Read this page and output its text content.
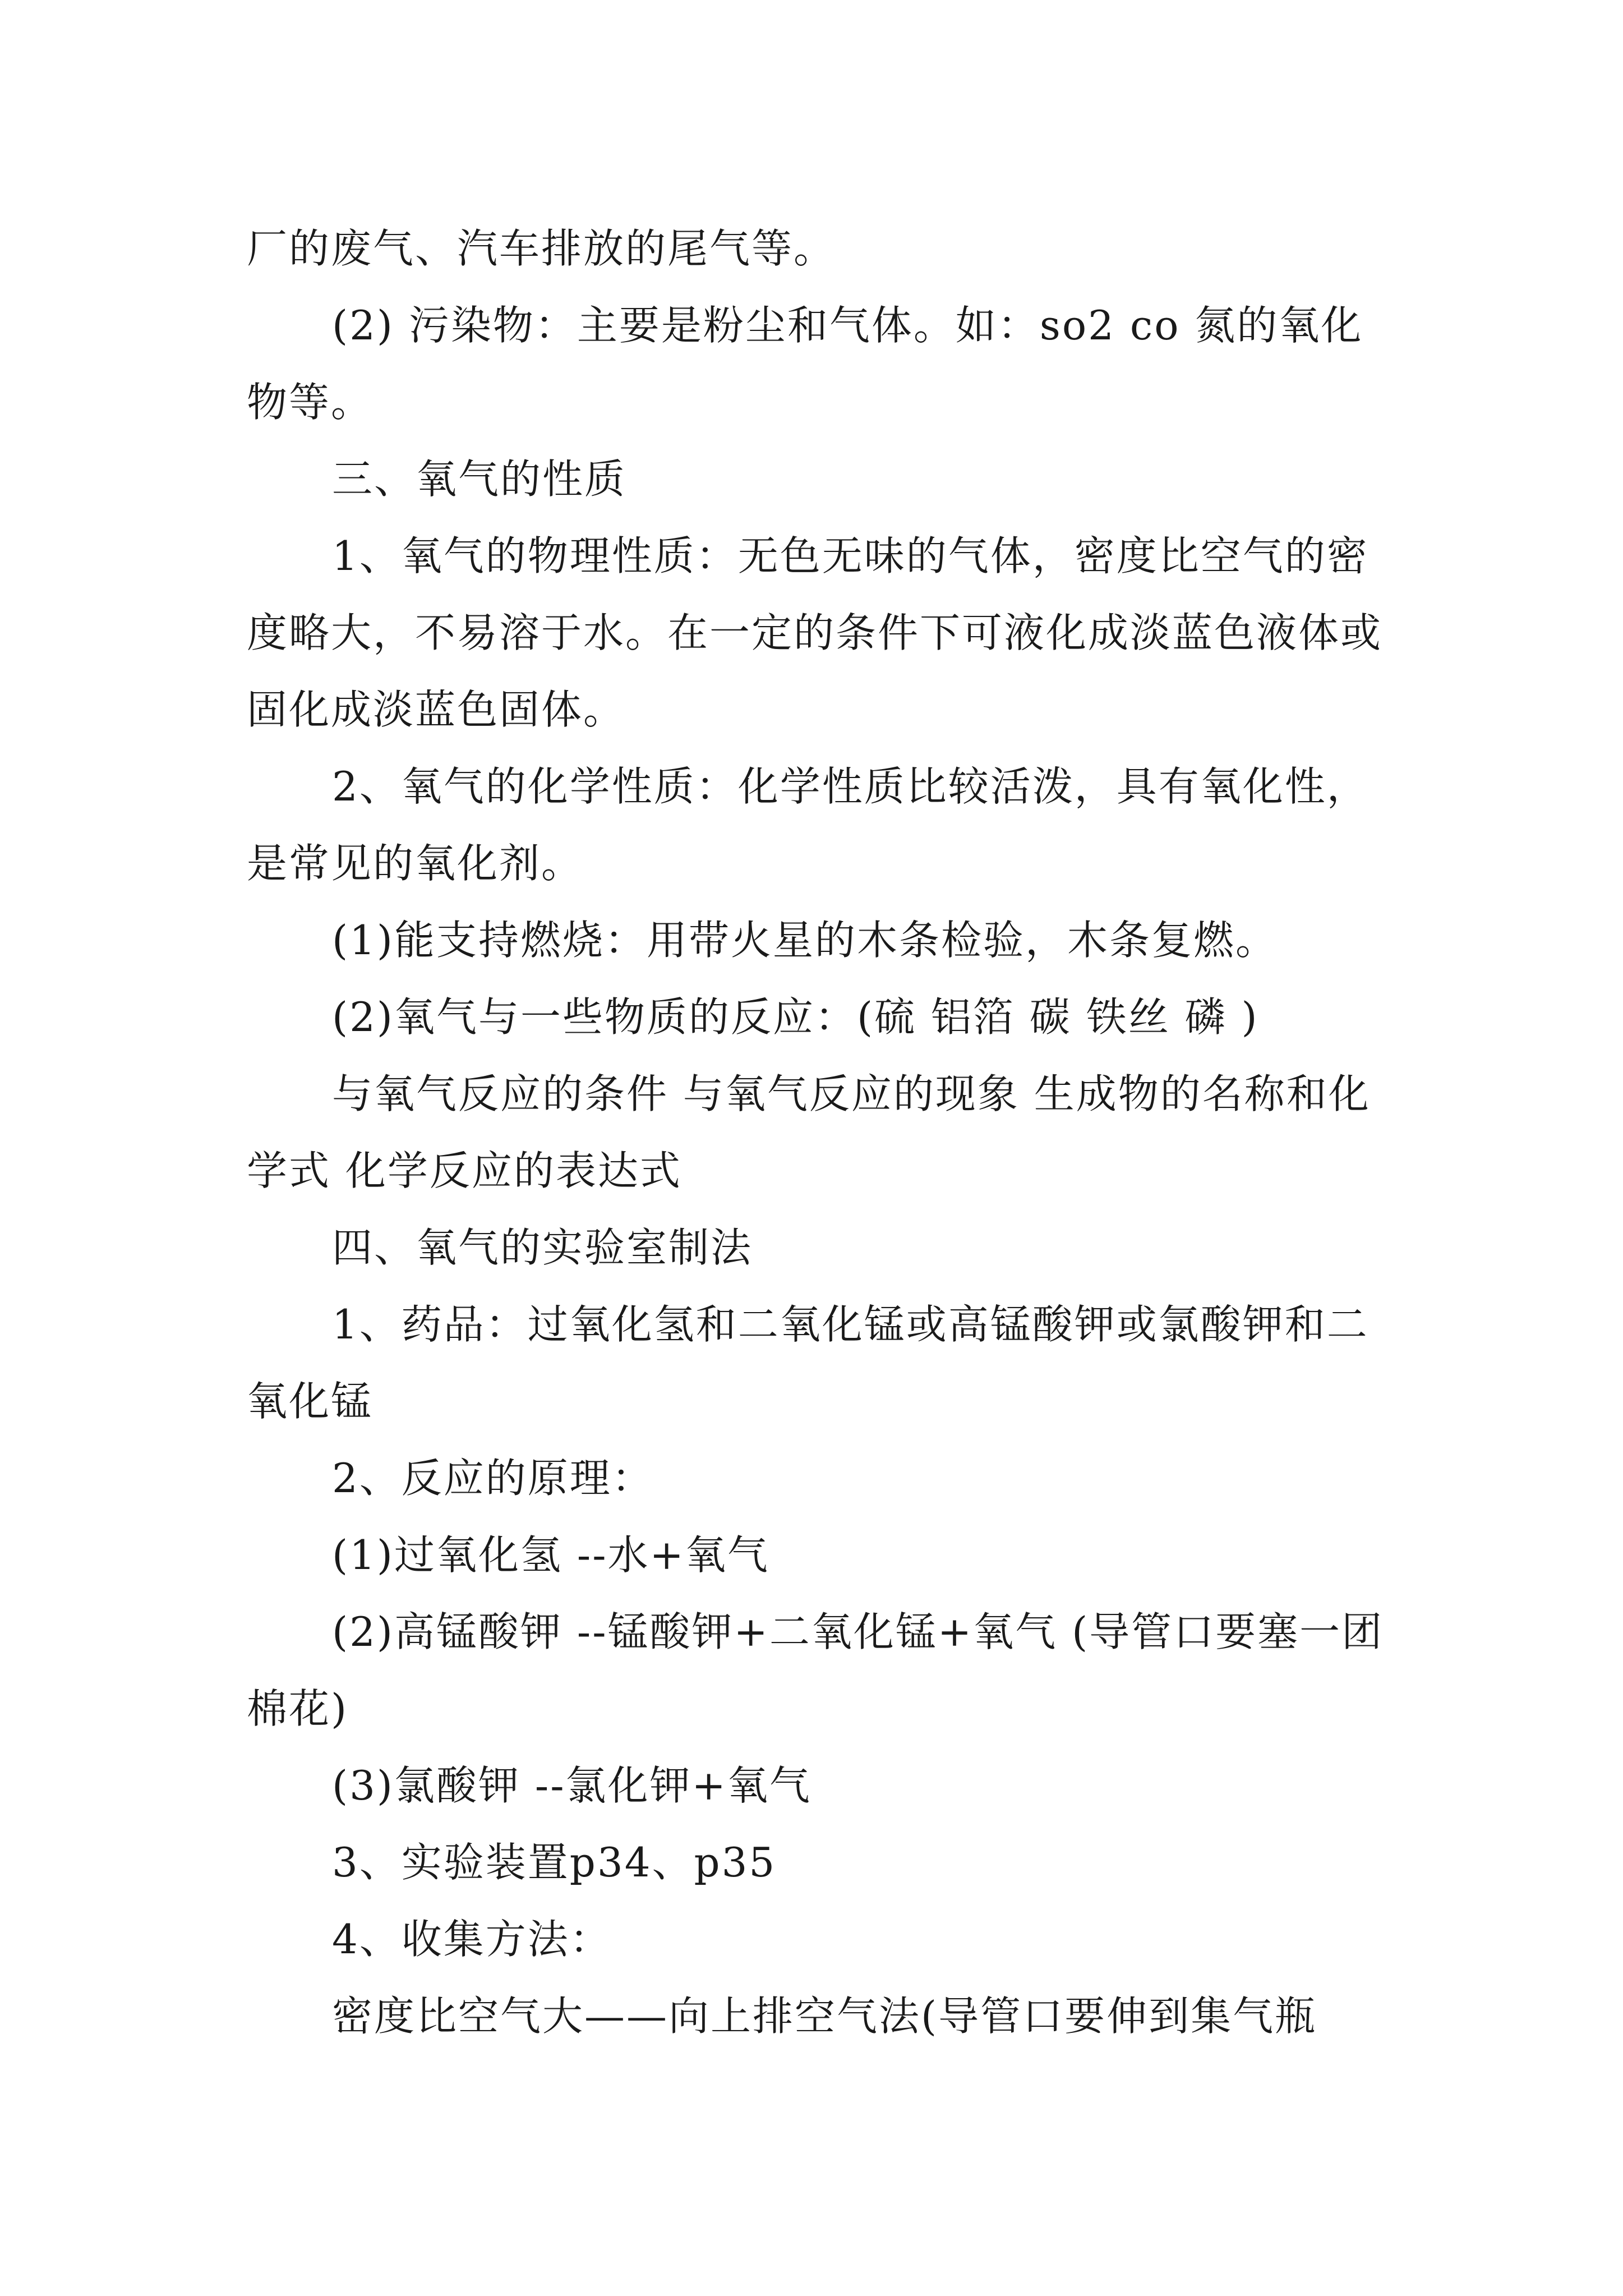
厂的废气、汽车排放的尾气等。

(2) 污染物：主要是粉尘和气体。如：so2 co 氮的氧化物等。

三、氧气的性质

1、氧气的物理性质：无色无味的气体，密度比空气的密度略大，不易溶于水。在一定的条件下可液化成淡蓝色液体或固化成淡蓝色固体。

2、氧气的化学性质：化学性质比较活泼，具有氧化性，是常见的氧化剂。

(1)能支持燃烧：用带火星的木条检验，木条复燃。

(2)氧气与一些物质的反应：(硫 铝箔 碳 铁丝 磷 )

与氧气反应的条件 与氧气反应的现象 生成物的名称和化学式 化学反应的表达式

四、氧气的实验室制法

1、药品：过氧化氢和二氧化锰或高锰酸钾或氯酸钾和二氧化锰

2、反应的原理：

(1)过氧化氢 --水+氧气

(2)高锰酸钾 --锰酸钾+二氧化锰+氧气 (导管口要塞一团棉花)

(3)氯酸钾 --氯化钾+氧气

3、实验装置p34、p35

4、收集方法：

密度比空气大——向上排空气法(导管口要伸到集气瓶
